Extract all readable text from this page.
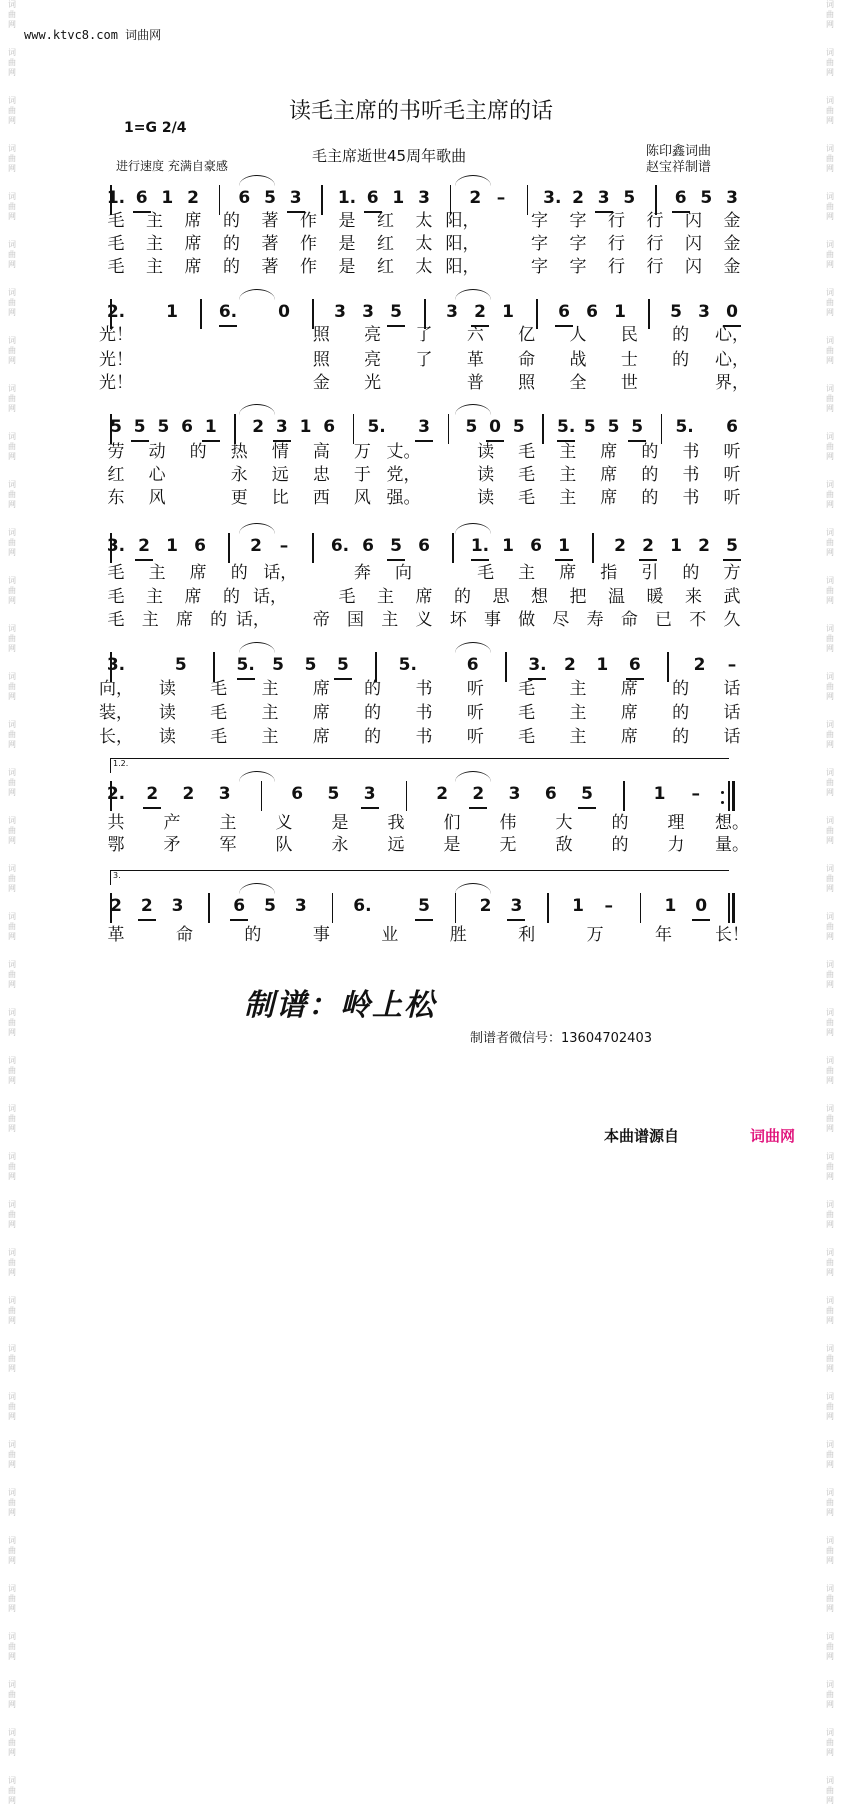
词
曲
网
词
曲
网
词
曲
网
词
曲
网
词
曲
网
词
曲
网
词
曲
网
词
曲
网
词
曲
网
词
曲
网
词
曲
网
词
曲
网
词
曲
网
词
曲
网
词
曲
网
词
曲
网
词
曲
网
词
曲
网
词
曲
网
词
曲
网
词
曲
网
词
曲
网
词
曲
网
词
曲
网
词
曲
网
词
曲
网
词
曲
网
词
曲
网
词
曲
网
词
曲
网
词
曲
网
词
曲
网
词
曲
网
词
曲
网
词
曲
网
词
曲
网
词
曲
网
词
曲
网
词
曲
网
词
曲
网
词
曲
网
词
曲
网
词
曲
网
词
曲
网
词
曲
网
词
曲
网
词
曲
网
词
曲
网
词
曲
网
词
曲
网
词
曲
网
词
曲
网
词
曲
网
词
曲
网
词
曲
网
词
曲
网
词
曲
网
词
曲
网
词
曲
网
词
曲
网
词
曲
网
词
曲
网
词
曲
网
词
曲
网
词
曲
网
词
曲
网
词
曲
网
词
曲
网
词
曲
网
词
曲
网
词
曲
网
词
曲
网
词
曲
网
词
曲
网
词
曲
网
词
曲
网
www.ktvc8.com 词曲网
读毛主席的书听毛主席的话
1=G 2/4
毛主席逝世45周年歌曲
进行速度 充满自豪感
陈印鑫词曲
赵宝祥制谱
1. 6 1 2 6 5 3 1. 6 1 3 2 – 3. 2 3 5 6 5 3
毛 主 席 的 著 作 是 红 太 阳，	字 字 行 行 闪 金
毛 主 席 的 著 作 是 红 太 阳，	字 字 行 行 闪 金
毛 主 席 的 著 作 是 红 太 阳，	字 字 行 行 闪 金
2. 1 6. 0	3 3 5	3 2 1	6 6 1	5 3 0
光！	照 亮 了 六 亿 人 民 的 心，
光！	照 亮 了 革 命 战 士 的 心，
光！	金 光	普 照 全 世	界，
5 5 5 6 1 2 3 1 6 5. 3 5 0 5 5. 5 5 5 5. 6
劳 动 的 热 情 高 万 丈。	读 毛 主 席 的 书 听
红 心	永 远 忠 于 党，	读 毛 主 席 的 书 听
东 风	更 比 西 风 强。	读 毛 主 席 的 书 听
3. 2 1 6	2 –	6. 6 5 6 1. 1 6 1	2 2 1 2 5
毛 主 席 的 话，	奔 向	毛 主 席 指 引 的 方
毛 主 席 的 话，	毛 主 席 的 思 想 把 温 暖 来 武
毛 主 席 的 话，	帝 国 主 义 坏 事 做 尽 寿 命 已 不 久
3.	5	5. 5 5 5	5.	6	3. 2 1 6	2 –
向， 读 毛 主 席 的 书 听 毛 主 席 的 话
装， 读 毛 主 席 的 书 听 毛 主 席 的 话
长， 读 毛 主 席 的 书 听 毛 主 席 的 话
1.2.
2. 2 2 3	6 5 3	2 2 3 6 5	1 –
共 产 主 义 是 我 们 伟 大 的 理 想。
鄂 矛 军 队 永 远 是 无 敌 的 力 量。
3.
2 2 3	6 5 3	6.	5	2 3	1 –	1 0
革	命	的	事	业	胜	利	万	年	长！
制谱：岭上松
制谱者微信号：13604702403
本曲谱源自	词曲网
